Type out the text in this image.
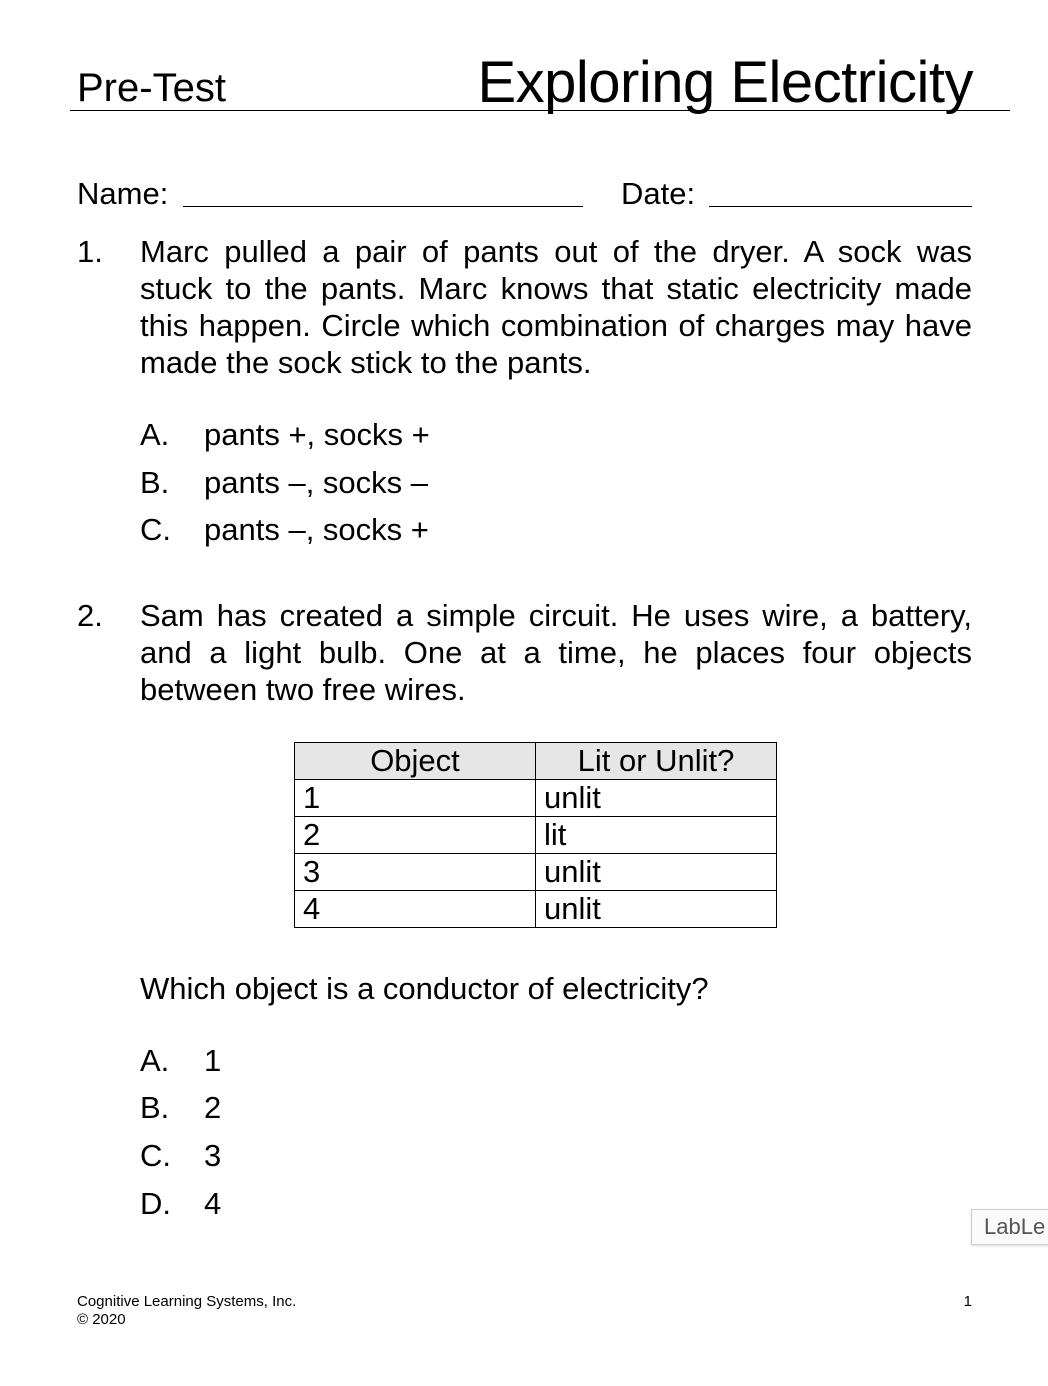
Pre-Test	Exploring Electricity
Name:	Date:
1. Marc pulled a pair of pants out of the dryer. A sock was stuck to the pants. Marc knows that static electricity made this happen. Circle which combination of charges may have made the sock stick to the pants.
A. pants +, socks +
B. pants –, socks –
C. pants –, socks +
2. Sam has created a simple circuit. He uses wire, a battery, and a light bulb. One at a time, he places four objects between two free wires.
Object	Lit or Unlit?
1	unlit
2	lit
3	unlit
4	unlit
Which object is a conductor of electricity?
A. 1
B. 2
C. 3
D. 4
LabLe
Cognitive Learning Systems, Inc.
© 2020
1
